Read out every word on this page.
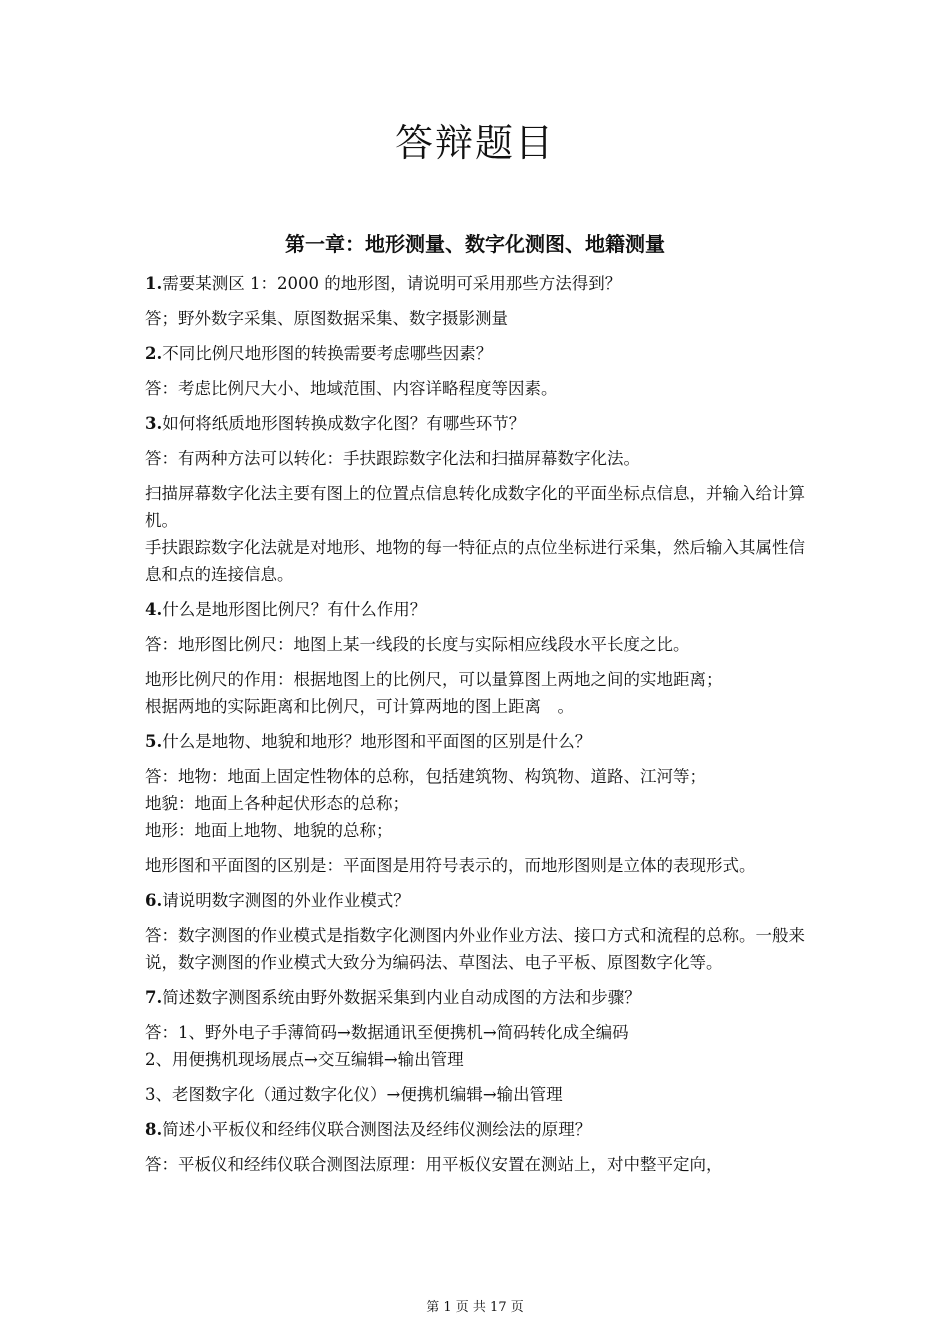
答辩题目
第一章：地形测量、数字化测图、地籍测量
1.需要某测区 1：2000 的地形图，请说明可采用那些方法得到？
答；野外数字采集、原图数据采集、数字摄影测量
2.不同比例尺地形图的转换需要考虑哪些因素？
答：考虑比例尺大小、地域范围、内容详略程度等因素。
3.如何将纸质地形图转换成数字化图？有哪些环节？
答：有两种方法可以转化：手扶跟踪数字化法和扫描屏幕数字化法。
扫描屏幕数字化法主要有图上的位置点信息转化成数字化的平面坐标点信息，并输入给计算机。
手扶跟踪数字化法就是对地形、地物的每一特征点的点位坐标进行采集，然后输入其属性信息和点的连接信息。
4.什么是地形图比例尺？有什么作用？
答：地形图比例尺：地图上某一线段的长度与实际相应线段水平长度之比。
地形比例尺的作用：根据地图上的比例尺，可以量算图上两地之间的实地距离；
根据两地的实际距离和比例尺，可计算两地的图上距离　。
5.什么是地物、地貌和地形？地形图和平面图的区别是什么？
答：地物：地面上固定性物体的总称，包括建筑物、构筑物、道路、江河等；
地貌：地面上各种起伏形态的总称；
地形：地面上地物、地貌的总称；
地形图和平面图的区别是：平面图是用符号表示的，而地形图则是立体的表现形式。
6.请说明数字测图的外业作业模式？
答：数字测图的作业模式是指数字化测图内外业作业方法、接口方式和流程的总称。一般来说，数字测图的作业模式大致分为编码法、草图法、电子平板、原图数字化等。
7.简述数字测图系统由野外数据采集到内业自动成图的方法和步骤？
答：1、野外电子手薄简码→数据通讯至便携机→简码转化成全编码
2、用便携机现场展点→交互编辑→输出管理
3、老图数字化（通过数字化仪）→便携机编辑→输出管理
8.简述小平板仪和经纬仪联合测图法及经纬仪测绘法的原理？
答：平板仪和经纬仪联合测图法原理：用平板仪安置在测站上，对中整平定向，
第 1 页 共 17 页
